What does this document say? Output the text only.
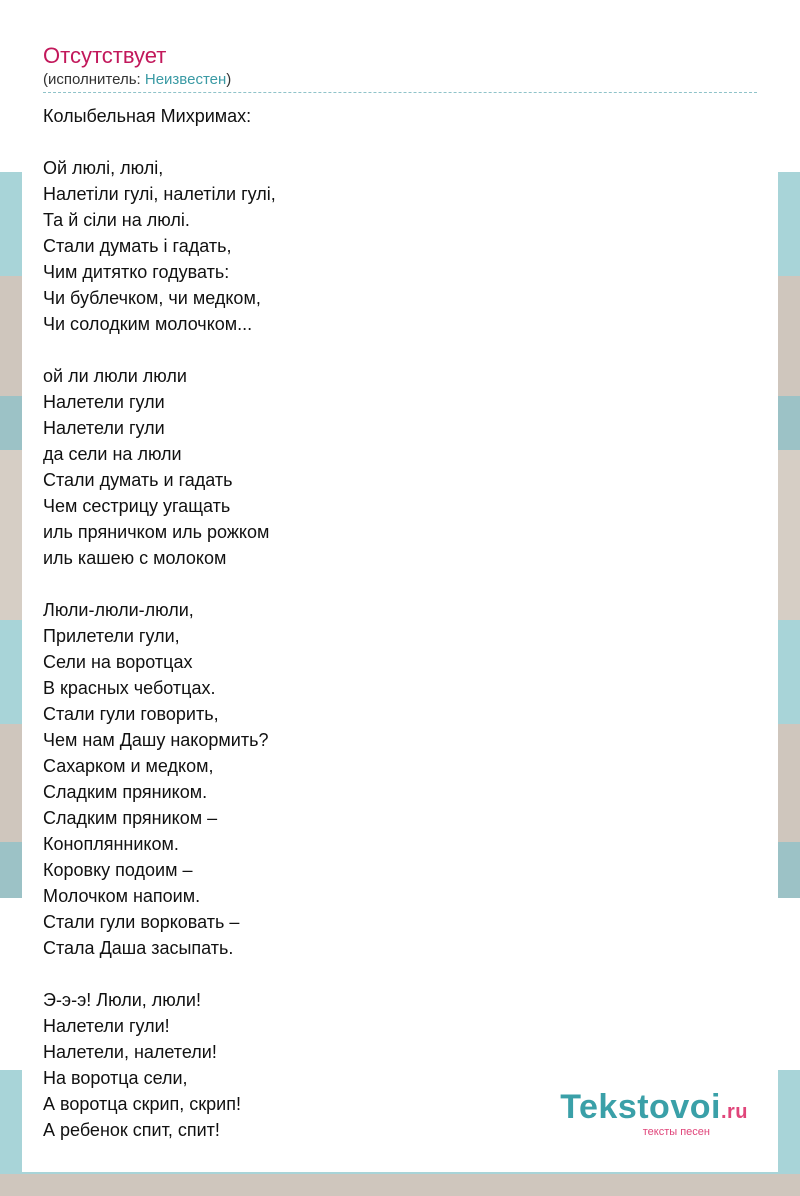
Отсутствует
(исполнитель: Неизвестен)
Колыбельная Михримах:

Ой люлі, люлі,
Налетіли гулі, налетіли гулі,
Та й сіли на люлі.
Стали думать і гадать,
Чим дитятко годувать:
Чи бублечком, чи медком,
Чи солодким молочком...

ой ли люли люли
Налетели гули
Налетели гули
да сели на люли
Стали думать и гадать
Чем сестрицу угащать
иль пряничком иль рожком
иль кашею с молоком

Люли-люли-люли,
Прилетели гули,
Сели на воротцах
В красных чеботцах.
Стали гули говорить,
Чем нам Дашу накормить?
Сахарком и медком,
Сладким пряником.
Сладким пряником –
Коноплянником.
Коровку подоим –
Молочком напоим.
Стали гули ворковать –
Стала Даша засыпать.

Э-э-э! Люли, люли!
Налетели гули!
Налетели, налетели!
На воротца сели,
А воротца скрип, скрип!
А ребенок спит, спит!
Tekstovoi.ru
тексты песен
